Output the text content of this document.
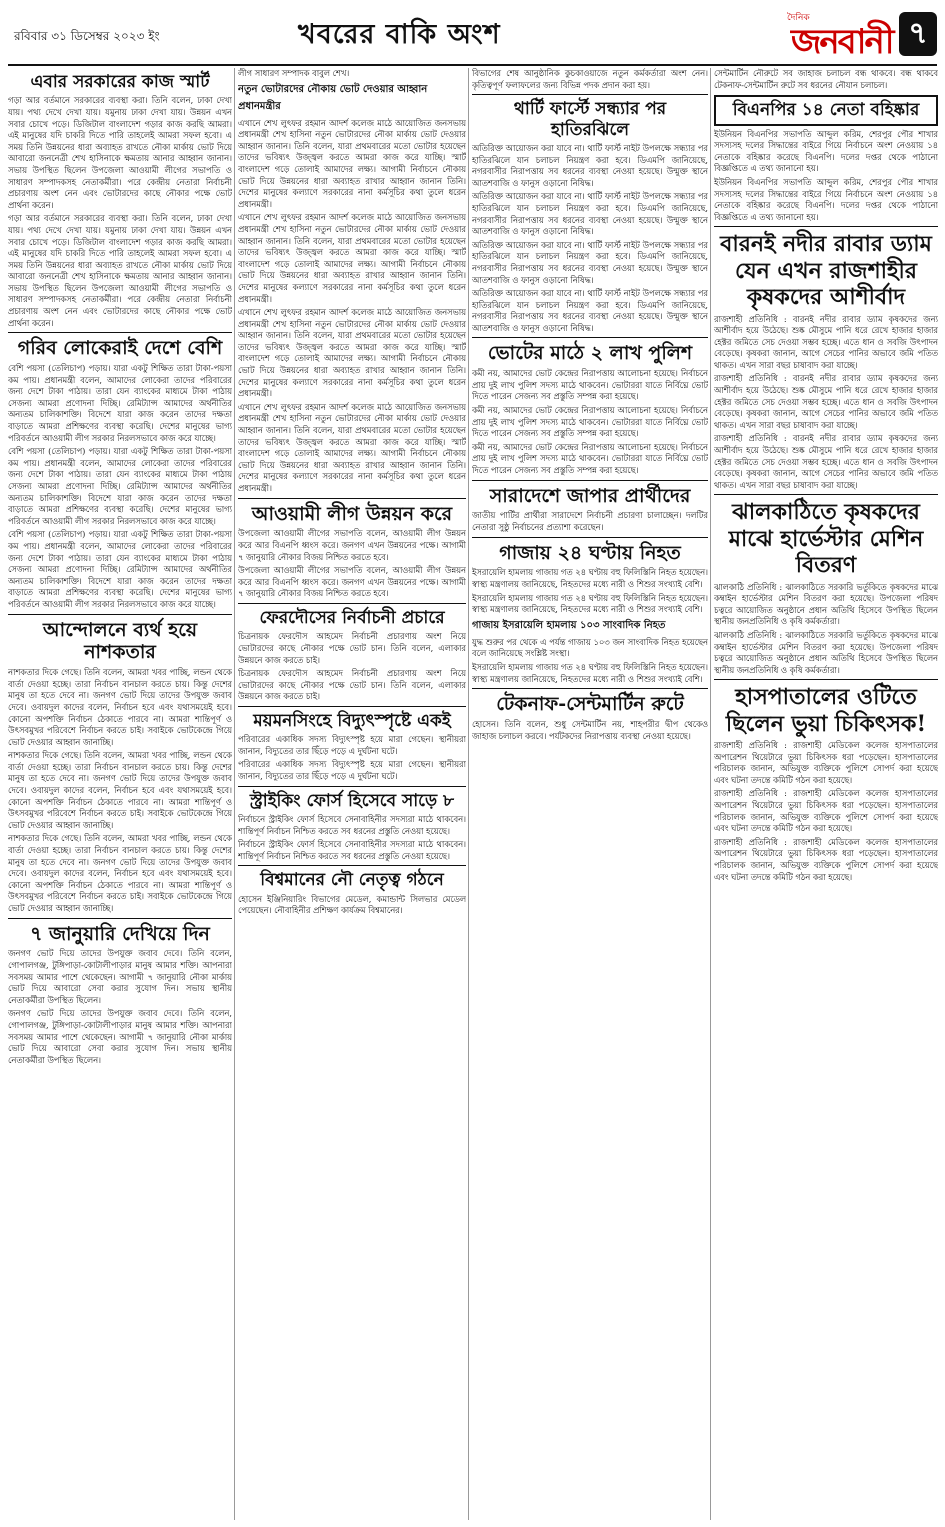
রবিবার ৩১ ডিসেম্বর ২০২৩ ইং	খবরের বাকি অংশ
দৈনিক
জনবানী ৭
এবার সরকারের কাজ স্মার্ট

গড়া আর বর্তমানে সরকারের ব্যবস্থা করা। তিনি বলেন, ঢাকা দেখা যায়। পথ্য দেখে দেখা যায়। যমুনায় ঢাকা দেখা যায়। উন্নয়ন এখন সবার চোখে পড়ে। ডিজিটাল বাংলাদেশ গড়ার কাজ করছি আমরা। এই মানুষের যদি চাকরি দিতে পারি তাহলেই আমরা সফল হবো। এ সময় তিনি উন্নয়নের ধারা অব্যাহত রাখতে নৌকা মার্কায় ভোট দিয়ে আবারো জননেত্রী শেখ হাসিনাকে ক্ষমতায় আনার আহ্বান জানান। সভায় উপস্থিত ছিলেন উপজেলা আওয়ামী লীগের সভাপতি ও সাধারণ সম্পাদকসহ নেতাকর্মীরা। পরে কেন্দ্রীয় নেতারা নির্বাচনী প্রচারণায় অংশ নেন এবং ভোটারদের কাছে নৌকার পক্ষে ভোট প্রার্থনা করেন।

গড়া আর বর্তমানে সরকারের ব্যবস্থা করা। তিনি বলেন, ঢাকা দেখা যায়। পথ্য দেখে দেখা যায়। যমুনায় ঢাকা দেখা যায়। উন্নয়ন এখন সবার চোখে পড়ে। ডিজিটাল বাংলাদেশ গড়ার কাজ করছি আমরা। এই মানুষের যদি চাকরি দিতে পারি তাহলেই আমরা সফল হবো। এ সময় তিনি উন্নয়নের ধারা অব্যাহত রাখতে নৌকা মার্কায় ভোট দিয়ে আবারো জননেত্রী শেখ হাসিনাকে ক্ষমতায় আনার আহ্বান জানান। সভায় উপস্থিত ছিলেন উপজেলা আওয়ামী লীগের সভাপতি ও সাধারণ সম্পাদকসহ নেতাকর্মীরা। পরে কেন্দ্রীয় নেতারা নির্বাচনী প্রচারণায় অংশ নেন এবং ভোটারদের কাছে নৌকার পক্ষে ভোট প্রার্থনা করেন।

গরিব লোকেরাই দেশে বেশি

বেশি পয়সা (তেলিচাপ) পড়ায়। যারা একটু শিক্ষিত তারা টাকা-পয়সা কম পায়। প্রধানমন্ত্রী বলেন, আমাদের লোকেরা তাদের পরিবারের জন্য দেশে টাকা পাঠায়। তারা যেন ব্যাংকের মাধ্যমে টাকা পাঠায় সেজন্য আমরা প্রণোদনা দিচ্ছি। রেমিট্যান্স আমাদের অর্থনীতির অন্যতম চালিকাশক্তি। বিদেশে যারা কাজ করেন তাদের দক্ষতা বাড়াতে আমরা প্রশিক্ষণের ব্যবস্থা করেছি। দেশের মানুষের ভাগ্য পরিবর্তনে আওয়ামী লীগ সরকার নিরলসভাবে কাজ করে যাচ্ছে।

বেশি পয়সা (তেলিচাপ) পড়ায়। যারা একটু শিক্ষিত তারা টাকা-পয়সা কম পায়। প্রধানমন্ত্রী বলেন, আমাদের লোকেরা তাদের পরিবারের জন্য দেশে টাকা পাঠায়। তারা যেন ব্যাংকের মাধ্যমে টাকা পাঠায় সেজন্য আমরা প্রণোদনা দিচ্ছি। রেমিট্যান্স আমাদের অর্থনীতির অন্যতম চালিকাশক্তি। বিদেশে যারা কাজ করেন তাদের দক্ষতা বাড়াতে আমরা প্রশিক্ষণের ব্যবস্থা করেছি। দেশের মানুষের ভাগ্য পরিবর্তনে আওয়ামী লীগ সরকার নিরলসভাবে কাজ করে যাচ্ছে।

বেশি পয়সা (তেলিচাপ) পড়ায়। যারা একটু শিক্ষিত তারা টাকা-পয়সা কম পায়। প্রধানমন্ত্রী বলেন, আমাদের লোকেরা তাদের পরিবারের জন্য দেশে টাকা পাঠায়। তারা যেন ব্যাংকের মাধ্যমে টাকা পাঠায় সেজন্য আমরা প্রণোদনা দিচ্ছি। রেমিট্যান্স আমাদের অর্থনীতির অন্যতম চালিকাশক্তি। বিদেশে যারা কাজ করেন তাদের দক্ষতা বাড়াতে আমরা প্রশিক্ষণের ব্যবস্থা করেছি। দেশের মানুষের ভাগ্য পরিবর্তনে আওয়ামী লীগ সরকার নিরলসভাবে কাজ করে যাচ্ছে।

আন্দোলনে ব্যর্থ হয়ে নাশকতার

নাশকতার দিকে গেছে। তিনি বলেন, আমরা খবর পাচ্ছি, লন্ডন থেকে বার্তা দেওয়া হচ্ছে। তারা নির্বাচন বানচাল করতে চায়। কিন্তু দেশের মানুষ তা হতে দেবে না। জনগণ ভোট দিয়ে তাদের উপযুক্ত জবাব দেবে। ওবায়দুল কাদের বলেন, নির্বাচন হবে এবং যথাসময়েই হবে। কোনো অপশক্তি নির্বাচন ঠেকাতে পারবে না। আমরা শান্তিপূর্ণ ও উৎসবমুখর পরিবেশে নির্বাচন করতে চাই। সবাইকে ভোটকেন্দ্রে গিয়ে ভোট দেওয়ার আহ্বান জানাচ্ছি।

নাশকতার দিকে গেছে। তিনি বলেন, আমরা খবর পাচ্ছি, লন্ডন থেকে বার্তা দেওয়া হচ্ছে। তারা নির্বাচন বানচাল করতে চায়। কিন্তু দেশের মানুষ তা হতে দেবে না। জনগণ ভোট দিয়ে তাদের উপযুক্ত জবাব দেবে। ওবায়দুল কাদের বলেন, নির্বাচন হবে এবং যথাসময়েই হবে। কোনো অপশক্তি নির্বাচন ঠেকাতে পারবে না। আমরা শান্তিপূর্ণ ও উৎসবমুখর পরিবেশে নির্বাচন করতে চাই। সবাইকে ভোটকেন্দ্রে গিয়ে ভোট দেওয়ার আহ্বান জানাচ্ছি।

নাশকতার দিকে গেছে। তিনি বলেন, আমরা খবর পাচ্ছি, লন্ডন থেকে বার্তা দেওয়া হচ্ছে। তারা নির্বাচন বানচাল করতে চায়। কিন্তু দেশের মানুষ তা হতে দেবে না। জনগণ ভোট দিয়ে তাদের উপযুক্ত জবাব দেবে। ওবায়দুল কাদের বলেন, নির্বাচন হবে এবং যথাসময়েই হবে। কোনো অপশক্তি নির্বাচন ঠেকাতে পারবে না। আমরা শান্তিপূর্ণ ও উৎসবমুখর পরিবেশে নির্বাচন করতে চাই। সবাইকে ভোটকেন্দ্রে গিয়ে ভোট দেওয়ার আহ্বান জানাচ্ছি।

৭ জানুয়ারি দেখিয়ে দিন

জনগণ ভোট দিয়ে তাদের উপযুক্ত জবাব দেবে। তিনি বলেন, গোপালগঞ্জ, টুঙ্গিপাড়া-কোটালীপাড়ার মানুষ আমার শক্তি। আপনারা সবসময় আমার পাশে থেকেছেন। আগামী ৭ জানুয়ারি নৌকা মার্কায় ভোট দিয়ে আবারো সেবা করার সুযোগ দিন। সভায় স্থানীয় নেতাকর্মীরা উপস্থিত ছিলেন।

জনগণ ভোট দিয়ে তাদের উপযুক্ত জবাব দেবে। তিনি বলেন, গোপালগঞ্জ, টুঙ্গিপাড়া-কোটালীপাড়ার মানুষ আমার শক্তি। আপনারা সবসময় আমার পাশে থেকেছেন। আগামী ৭ জানুয়ারি নৌকা মার্কায় ভোট দিয়ে আবারো সেবা করার সুযোগ দিন। সভায় স্থানীয় নেতাকর্মীরা উপস্থিত ছিলেন।

লীগ সাধারণ সম্পাদক বাবুল শেখ।

নতুন ভোটারদের নৌকায় ভোট দেওয়ার আহ্বান প্রধানমন্ত্রীর

এখানে শেখ লুৎফর রহমান আদর্শ কলেজ মাঠে আয়োজিত জনসভায় প্রধানমন্ত্রী শেখ হাসিনা নতুন ভোটারদের নৌকা মার্কায় ভোট দেওয়ার আহ্বান জানান। তিনি বলেন, যারা প্রথমবারের মতো ভোটার হয়েছেন তাদের ভবিষ্যৎ উজ্জ্বল করতে আমরা কাজ করে যাচ্ছি। স্মার্ট বাংলাদেশ গড়ে তোলাই আমাদের লক্ষ্য। আগামী নির্বাচনে নৌকায় ভোট দিয়ে উন্নয়নের ধারা অব্যাহত রাখার আহ্বান জানান তিনি। দেশের মানুষের কল্যাণে সরকারের নানা কর্মসূচির কথা তুলে ধরেন প্রধানমন্ত্রী।

এখানে শেখ লুৎফর রহমান আদর্শ কলেজ মাঠে আয়োজিত জনসভায় প্রধানমন্ত্রী শেখ হাসিনা নতুন ভোটারদের নৌকা মার্কায় ভোট দেওয়ার আহ্বান জানান। তিনি বলেন, যারা প্রথমবারের মতো ভোটার হয়েছেন তাদের ভবিষ্যৎ উজ্জ্বল করতে আমরা কাজ করে যাচ্ছি। স্মার্ট বাংলাদেশ গড়ে তোলাই আমাদের লক্ষ্য। আগামী নির্বাচনে নৌকায় ভোট দিয়ে উন্নয়নের ধারা অব্যাহত রাখার আহ্বান জানান তিনি। দেশের মানুষের কল্যাণে সরকারের নানা কর্মসূচির কথা তুলে ধরেন প্রধানমন্ত্রী।

এখানে শেখ লুৎফর রহমান আদর্শ কলেজ মাঠে আয়োজিত জনসভায় প্রধানমন্ত্রী শেখ হাসিনা নতুন ভোটারদের নৌকা মার্কায় ভোট দেওয়ার আহ্বান জানান। তিনি বলেন, যারা প্রথমবারের মতো ভোটার হয়েছেন তাদের ভবিষ্যৎ উজ্জ্বল করতে আমরা কাজ করে যাচ্ছি। স্মার্ট বাংলাদেশ গড়ে তোলাই আমাদের লক্ষ্য। আগামী নির্বাচনে নৌকায় ভোট দিয়ে উন্নয়নের ধারা অব্যাহত রাখার আহ্বান জানান তিনি। দেশের মানুষের কল্যাণে সরকারের নানা কর্মসূচির কথা তুলে ধরেন প্রধানমন্ত্রী।

এখানে শেখ লুৎফর রহমান আদর্শ কলেজ মাঠে আয়োজিত জনসভায় প্রধানমন্ত্রী শেখ হাসিনা নতুন ভোটারদের নৌকা মার্কায় ভোট দেওয়ার আহ্বান জানান। তিনি বলেন, যারা প্রথমবারের মতো ভোটার হয়েছেন তাদের ভবিষ্যৎ উজ্জ্বল করতে আমরা কাজ করে যাচ্ছি। স্মার্ট বাংলাদেশ গড়ে তোলাই আমাদের লক্ষ্য। আগামী নির্বাচনে নৌকায় ভোট দিয়ে উন্নয়নের ধারা অব্যাহত রাখার আহ্বান জানান তিনি। দেশের মানুষের কল্যাণে সরকারের নানা কর্মসূচির কথা তুলে ধরেন প্রধানমন্ত্রী।

আওয়ামী লীগ উন্নয়ন করে

উপজেলা আওয়ামী লীগের সভাপতি বলেন, আওয়ামী লীগ উন্নয়ন করে আর বিএনপি ধ্বংস করে। জনগণ এখন উন্নয়নের পক্ষে। আগামী ৭ জানুয়ারি নৌকার বিজয় নিশ্চিত করতে হবে।

উপজেলা আওয়ামী লীগের সভাপতি বলেন, আওয়ামী লীগ উন্নয়ন করে আর বিএনপি ধ্বংস করে। জনগণ এখন উন্নয়নের পক্ষে। আগামী ৭ জানুয়ারি নৌকার বিজয় নিশ্চিত করতে হবে।

ফেরদৌসের নির্বাচনী প্রচারে

চিত্রনায়ক ফেরদৌস আহমেদ নির্বাচনী প্রচারণায় অংশ নিয়ে ভোটারদের কাছে নৌকার পক্ষে ভোট চান। তিনি বলেন, এলাকার উন্নয়নে কাজ করতে চাই।

চিত্রনায়ক ফেরদৌস আহমেদ নির্বাচনী প্রচারণায় অংশ নিয়ে ভোটারদের কাছে নৌকার পক্ষে ভোট চান। তিনি বলেন, এলাকার উন্নয়নে কাজ করতে চাই।

ময়মনসিংহে বিদ্যুৎস্পৃষ্টে একই

পরিবারের একাধিক সদস্য বিদ্যুৎস্পৃষ্ট হয়ে মারা গেছেন। স্থানীয়রা জানান, বিদ্যুতের তার ছিঁড়ে পড়ে এ দুর্ঘটনা ঘটে।

পরিবারের একাধিক সদস্য বিদ্যুৎস্পৃষ্ট হয়ে মারা গেছেন। স্থানীয়রা জানান, বিদ্যুতের তার ছিঁড়ে পড়ে এ দুর্ঘটনা ঘটে।

স্ট্রাইকিং ফোর্স হিসেবে সাড়ে ৮

নির্বাচনে স্ট্রাইকিং ফোর্স হিসেবে সেনাবাহিনীর সদস্যরা মাঠে থাকবেন। শান্তিপূর্ণ নির্বাচন নিশ্চিত করতে সব ধরনের প্রস্তুতি নেওয়া হয়েছে।

নির্বাচনে স্ট্রাইকিং ফোর্স হিসেবে সেনাবাহিনীর সদস্যরা মাঠে থাকবেন। শান্তিপূর্ণ নির্বাচন নিশ্চিত করতে সব ধরনের প্রস্তুতি নেওয়া হয়েছে।

বিশ্বমানের নৌ নেতৃত্ব গঠনে

হোসেন ইঞ্জিনিয়ারিং বিভাগের মেডেল, কমান্ডান্ট সিলভার মেডেল পেয়েছেন। নৌবাহিনীর প্রশিক্ষণ কার্যক্রম বিশ্বমানের।

বিভাগের শেষ আনুষ্ঠানিক কুচকাওয়াজে নতুন কর্মকর্তারা অংশ নেন। কৃতিত্বপূর্ণ ফলাফলের জন্য বিভিন্ন পদক প্রদান করা হয়।

থার্টি ফার্স্টে সন্ধ্যার পর হাতিরঝিলে

অতিরিক্ত আয়োজন করা যাবে না। থার্টি ফার্স্ট নাইট উপলক্ষে সন্ধ্যার পর হাতিরঝিলে যান চলাচল নিয়ন্ত্রণ করা হবে। ডিএমপি জানিয়েছে, নগরবাসীর নিরাপত্তায় সব ধরনের ব্যবস্থা নেওয়া হয়েছে। উন্মুক্ত স্থানে আতশবাজি ও ফানুস ওড়ানো নিষিদ্ধ।

অতিরিক্ত আয়োজন করা যাবে না। থার্টি ফার্স্ট নাইট উপলক্ষে সন্ধ্যার পর হাতিরঝিলে যান চলাচল নিয়ন্ত্রণ করা হবে। ডিএমপি জানিয়েছে, নগরবাসীর নিরাপত্তায় সব ধরনের ব্যবস্থা নেওয়া হয়েছে। উন্মুক্ত স্থানে আতশবাজি ও ফানুস ওড়ানো নিষিদ্ধ।

অতিরিক্ত আয়োজন করা যাবে না। থার্টি ফার্স্ট নাইট উপলক্ষে সন্ধ্যার পর হাতিরঝিলে যান চলাচল নিয়ন্ত্রণ করা হবে। ডিএমপি জানিয়েছে, নগরবাসীর নিরাপত্তায় সব ধরনের ব্যবস্থা নেওয়া হয়েছে। উন্মুক্ত স্থানে আতশবাজি ও ফানুস ওড়ানো নিষিদ্ধ।

অতিরিক্ত আয়োজন করা যাবে না। থার্টি ফার্স্ট নাইট উপলক্ষে সন্ধ্যার পর হাতিরঝিলে যান চলাচল নিয়ন্ত্রণ করা হবে। ডিএমপি জানিয়েছে, নগরবাসীর নিরাপত্তায় সব ধরনের ব্যবস্থা নেওয়া হয়েছে। উন্মুক্ত স্থানে আতশবাজি ও ফানুস ওড়ানো নিষিদ্ধ।

ভোটের মাঠে ২ লাখ পুলিশ

কমী নয়, আমাদের ভোট কেন্দ্রের নিরাপত্তায় আলোচনা হয়েছে। নির্বাচনে প্রায় দুই লাখ পুলিশ সদস্য মাঠে থাকবেন। ভোটাররা যাতে নির্বিঘ্নে ভোট দিতে পারেন সেজন্য সব প্রস্তুতি সম্পন্ন করা হয়েছে।

কমী নয়, আমাদের ভোট কেন্দ্রের নিরাপত্তায় আলোচনা হয়েছে। নির্বাচনে প্রায় দুই লাখ পুলিশ সদস্য মাঠে থাকবেন। ভোটাররা যাতে নির্বিঘ্নে ভোট দিতে পারেন সেজন্য সব প্রস্তুতি সম্পন্ন করা হয়েছে।

কমী নয়, আমাদের ভোট কেন্দ্রের নিরাপত্তায় আলোচনা হয়েছে। নির্বাচনে প্রায় দুই লাখ পুলিশ সদস্য মাঠে থাকবেন। ভোটাররা যাতে নির্বিঘ্নে ভোট দিতে পারেন সেজন্য সব প্রস্তুতি সম্পন্ন করা হয়েছে।

সারাদেশে জাপার প্রার্থীদের

জাতীয় পার্টির প্রার্থীরা সারাদেশে নির্বাচনী প্রচারণা চালাচ্ছেন। দলটির নেতারা সুষ্ঠু নির্বাচনের প্রত্যাশা করেছেন।

গাজায় ২৪ ঘণ্টায় নিহত

ইসরায়েলি হামলায় গাজায় গত ২৪ ঘণ্টায় বহু ফিলিস্তিনি নিহত হয়েছেন। স্বাস্থ্য মন্ত্রণালয় জানিয়েছে, নিহতদের মধ্যে নারী ও শিশুর সংখ্যাই বেশি।

ইসরায়েলি হামলায় গাজায় গত ২৪ ঘণ্টায় বহু ফিলিস্তিনি নিহত হয়েছেন। স্বাস্থ্য মন্ত্রণালয় জানিয়েছে, নিহতদের মধ্যে নারী ও শিশুর সংখ্যাই বেশি।

গাজায় ইসরায়েলি হামলায় ১০৩ সাংবাদিক নিহত

যুদ্ধ শুরুর পর থেকে এ পর্যন্ত গাজায় ১০৩ জন সাংবাদিক নিহত হয়েছেন বলে জানিয়েছে সংশ্লিষ্ট সংস্থা।

ইসরায়েলি হামলায় গাজায় গত ২৪ ঘণ্টায় বহু ফিলিস্তিনি নিহত হয়েছেন। স্বাস্থ্য মন্ত্রণালয় জানিয়েছে, নিহতদের মধ্যে নারী ও শিশুর সংখ্যাই বেশি।

টেকনাফ-সেন্টমার্টিন রুটে

হোসেন। তিনি বলেন, শুধু সেন্টমার্টিন নয়, শাহপরীর দ্বীপ থেকেও জাহাজ চলাচল করবে। পর্যটকদের নিরাপত্তায় ব্যবস্থা নেওয়া হয়েছে।

সেন্টমার্টিন নৌরুটে সব জাহাজ চলাচল বন্ধ থাকবে। বন্ধ থাকবে টেকনাফ-সেন্টমার্টিন রুটে সব ধরনের নৌযান চলাচল।

বিএনপির ১৪ নেতা বহিষ্কার

ইউনিয়ন বিএনপির সভাপতি আব্দুল করিম, শেরপুর পৌর শাখার সদস্যসহ দলের সিদ্ধান্তের বাইরে গিয়ে নির্বাচনে অংশ নেওয়ায় ১৪ নেতাকে বহিষ্কার করেছে বিএনপি। দলের দপ্তর থেকে পাঠানো বিজ্ঞপ্তিতে এ তথ্য জানানো হয়।

ইউনিয়ন বিএনপির সভাপতি আব্দুল করিম, শেরপুর পৌর শাখার সদস্যসহ দলের সিদ্ধান্তের বাইরে গিয়ে নির্বাচনে অংশ নেওয়ায় ১৪ নেতাকে বহিষ্কার করেছে বিএনপি। দলের দপ্তর থেকে পাঠানো বিজ্ঞপ্তিতে এ তথ্য জানানো হয়।

বারনই নদীর রাবার ড্যাম যেন এখন রাজশাহীর কৃষকদের আশীর্বাদ

রাজশাহী প্রতিনিধি : বারনই নদীর রাবার ড্যাম কৃষকদের জন্য আশীর্বাদ হয়ে উঠেছে। শুষ্ক মৌসুমে পানি ধরে রেখে হাজার হাজার হেক্টর জমিতে সেচ দেওয়া সম্ভব হচ্ছে। এতে ধান ও সবজি উৎপাদন বেড়েছে। কৃষকরা জানান, আগে সেচের পানির অভাবে জমি পতিত থাকত। এখন সারা বছর চাষাবাদ করা যাচ্ছে।

রাজশাহী প্রতিনিধি : বারনই নদীর রাবার ড্যাম কৃষকদের জন্য আশীর্বাদ হয়ে উঠেছে। শুষ্ক মৌসুমে পানি ধরে রেখে হাজার হাজার হেক্টর জমিতে সেচ দেওয়া সম্ভব হচ্ছে। এতে ধান ও সবজি উৎপাদন বেড়েছে। কৃষকরা জানান, আগে সেচের পানির অভাবে জমি পতিত থাকত। এখন সারা বছর চাষাবাদ করা যাচ্ছে।

রাজশাহী প্রতিনিধি : বারনই নদীর রাবার ড্যাম কৃষকদের জন্য আশীর্বাদ হয়ে উঠেছে। শুষ্ক মৌসুমে পানি ধরে রেখে হাজার হাজার হেক্টর জমিতে সেচ দেওয়া সম্ভব হচ্ছে। এতে ধান ও সবজি উৎপাদন বেড়েছে। কৃষকরা জানান, আগে সেচের পানির অভাবে জমি পতিত থাকত। এখন সারা বছর চাষাবাদ করা যাচ্ছে।

ঝালকাঠিতে কৃষকদের মাঝে হার্ভেস্টার মেশিন বিতরণ

ঝালকাঠি প্রতিনিধি : ঝালকাঠিতে সরকারি ভর্তুকিতে কৃষকদের মাঝে কম্বাইন হার্ভেস্টার মেশিন বিতরণ করা হয়েছে। উপজেলা পরিষদ চত্বরে আয়োজিত অনুষ্ঠানে প্রধান অতিথি হিসেবে উপস্থিত ছিলেন স্থানীয় জনপ্রতিনিধি ও কৃষি কর্মকর্তারা।

ঝালকাঠি প্রতিনিধি : ঝালকাঠিতে সরকারি ভর্তুকিতে কৃষকদের মাঝে কম্বাইন হার্ভেস্টার মেশিন বিতরণ করা হয়েছে। উপজেলা পরিষদ চত্বরে আয়োজিত অনুষ্ঠানে প্রধান অতিথি হিসেবে উপস্থিত ছিলেন স্থানীয় জনপ্রতিনিধি ও কৃষি কর্মকর্তারা।

হাসপাতালের ওটিতে ছিলেন ভুয়া চিকিৎসক!

রাজশাহী প্রতিনিধি : রাজশাহী মেডিকেল কলেজ হাসপাতালের অপারেশন থিয়েটারে ভুয়া চিকিৎসক ধরা পড়েছেন। হাসপাতালের পরিচালক জানান, অভিযুক্ত ব্যক্তিকে পুলিশে সোপর্দ করা হয়েছে এবং ঘটনা তদন্তে কমিটি গঠন করা হয়েছে।

রাজশাহী প্রতিনিধি : রাজশাহী মেডিকেল কলেজ হাসপাতালের অপারেশন থিয়েটারে ভুয়া চিকিৎসক ধরা পড়েছেন। হাসপাতালের পরিচালক জানান, অভিযুক্ত ব্যক্তিকে পুলিশে সোপর্দ করা হয়েছে এবং ঘটনা তদন্তে কমিটি গঠন করা হয়েছে।

রাজশাহী প্রতিনিধি : রাজশাহী মেডিকেল কলেজ হাসপাতালের অপারেশন থিয়েটারে ভুয়া চিকিৎসক ধরা পড়েছেন। হাসপাতালের পরিচালক জানান, অভিযুক্ত ব্যক্তিকে পুলিশে সোপর্দ করা হয়েছে এবং ঘটনা তদন্তে কমিটি গঠন করা হয়েছে।
